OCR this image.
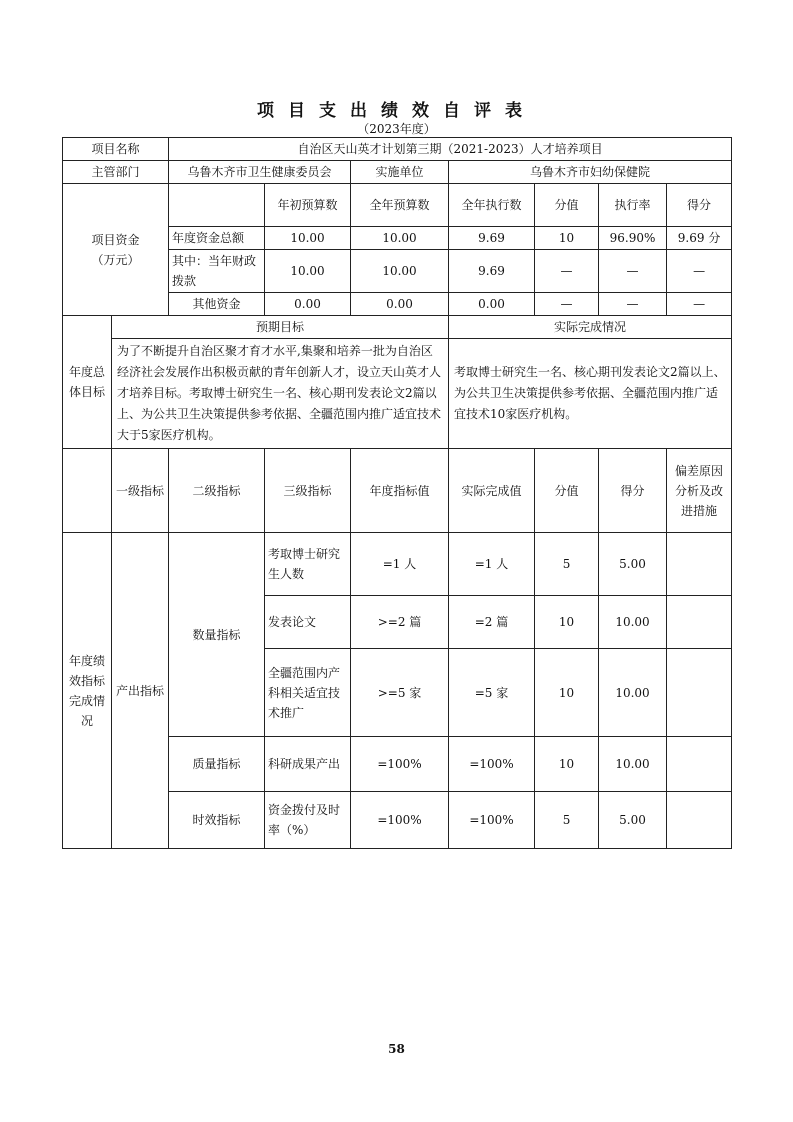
项目支出绩效自评表
（2023年度）
项目名称		自治区天山英才计划第三期（2021-2023）人才培养项目						
主管部门		乌鲁木齐市卫生健康委员会		实施单位	乌鲁木齐市妇幼保健院			
项目资金
（万元）			年初预算数	全年预算数	全年执行数	分值	执行率	得分
		年度资金总额	10.00	10.00	9.69	10	96.90%	9.69 分
		其中：当年财政拨款	10.00	10.00	9.69	—	—	—
		其他资金	0.00	0.00	0.00	—	—	—
年度总体目标	预期目标				实际完成情况			
	为了不断提升自治区聚才育才水平,集聚和培养一批为自治区经济社会发展作出积极贡献的青年创新人才，设立天山英才人才培养目标。考取博士研究生一名、核心期刊发表论文2篇以上、为公共卫生决策提供参考依据、全疆范围内推广适宜技术大于5家医疗机构。				考取博士研究生一名、核心期刊发表论文2篇以上、为公共卫生决策提供参考依据、全疆范围内推广适宜技术10家医疗机构。			
	一级指标	二级指标	三级指标	年度指标值	实际完成值	分值	得分	偏差原因分析及改进措施
年度绩效指标完成情况	产出指标	数量指标	考取博士研究生人数	=1 人	=1 人	5	5.00	
			发表论文	>=2 篇	=2 篇	10	10.00	
			全疆范围内产科相关适宜技术推广	>=5 家	=5 家	10	10.00	
		质量指标	科研成果产出	=100%	=100%	10	10.00	
		时效指标	资金拨付及时率（%）	=100%	=100%	5	5.00	
58
